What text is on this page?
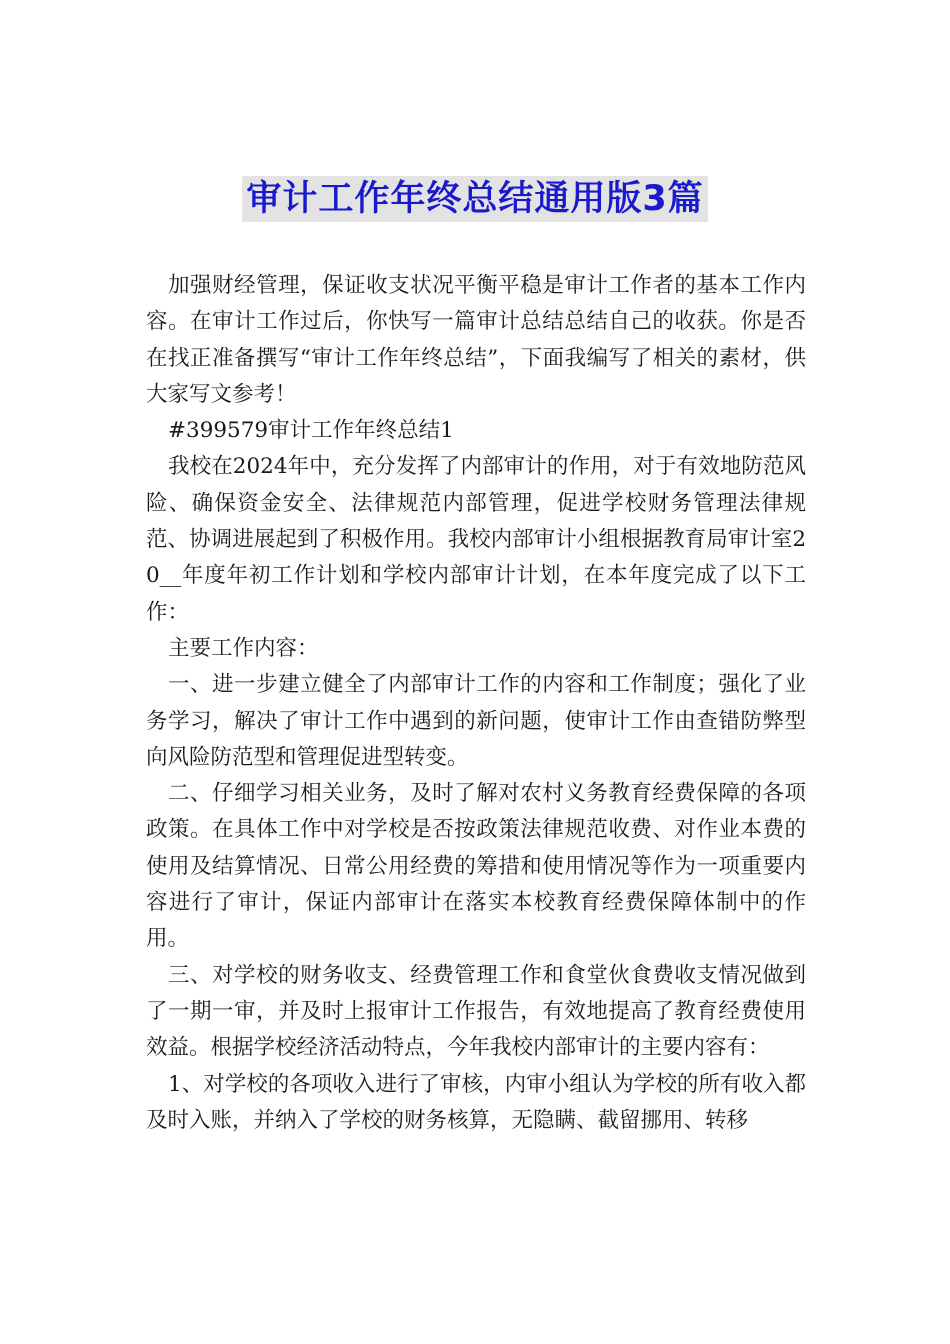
审计工作年终总结通用版3篇

加强财经管理，保证收支状况平衡平稳是审计工作者的基本工作内容。在审计工作过后，你快写一篇审计总结总结自己的收获。你是否在找正准备撰写“审计工作年终总结”，下面我编写了相关的素材，供大家写文参考！

#399579审计工作年终总结1

我校在2024年中，充分发挥了内部审计的作用，对于有效地防范风险、确保资金安全、法律规范内部管理，促进学校财务管理法律规范、协调进展起到了积极作用。我校内部审计小组根据教育局审计室20__年度年初工作计划和学校内部审计计划，在本年度完成了以下工作：

主要工作内容：

一、进一步建立健全了内部审计工作的内容和工作制度；强化了业务学习，解决了审计工作中遇到的新问题，使审计工作由查错防弊型向风险防范型和管理促进型转变。

二、仔细学习相关业务，及时了解对农村义务教育经费保障的各项政策。在具体工作中对学校是否按政策法律规范收费、对作业本费的使用及结算情况、日常公用经费的筹措和使用情况等作为一项重要内容进行了审计，保证内部审计在落实本校教育经费保障体制中的作用。

三、对学校的财务收支、经费管理工作和食堂伙食费收支情况做到了一期一审，并及时上报审计工作报告，有效地提高了教育经费使用效益。根据学校经济活动特点，今年我校内部审计的主要内容有：

1、对学校的各项收入进行了审核，内审小组认为学校的所有收入都及时入账，并纳入了学校的财务核算，无隐瞒、截留挪用、转移
